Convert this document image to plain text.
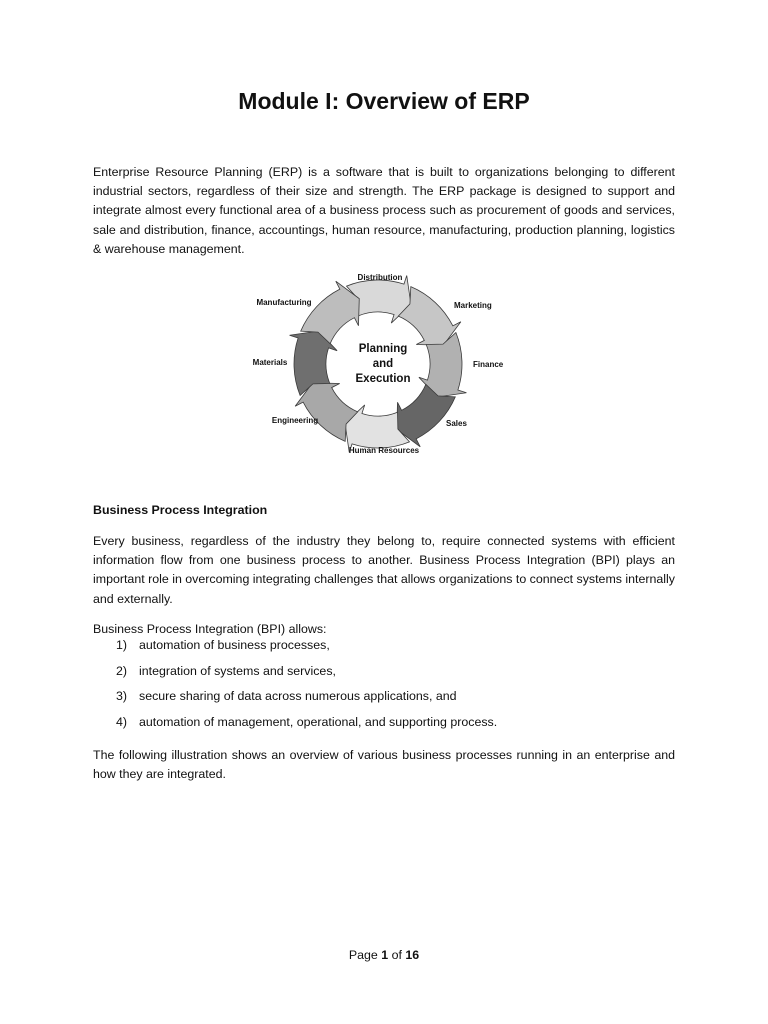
Module I: Overview of ERP

Enterprise Resource Planning (ERP) is a software that is built to organizations belonging to different industrial sectors, regardless of their size and strength. The ERP package is designed to support and integrate almost every functional area of a business process such as procurement of goods and services, sale and distribution, finance, accountings, human resource, manufacturing, production planning, logistics & warehouse management.

Planning
and
Execution
Distribution
Marketing
Finance
Sales
Human Resources
Engineering
Materials
Manufacturing

Business Process Integration

Every business, regardless of the industry they belong to, require connected systems with efficient information flow from one business process to another. Business Process Integration (BPI) plays an important role in overcoming integrating challenges that allows organizations to connect systems internally and externally.

Business Process Integration (BPI) allows:

1) automation of business processes,
2) integration of systems and services,
3) secure sharing of data across numerous applications, and
4) automation of management, operational, and supporting process.

The following illustration shows an overview of various business processes running in an enterprise and how they are integrated.

Page 1 of 16
